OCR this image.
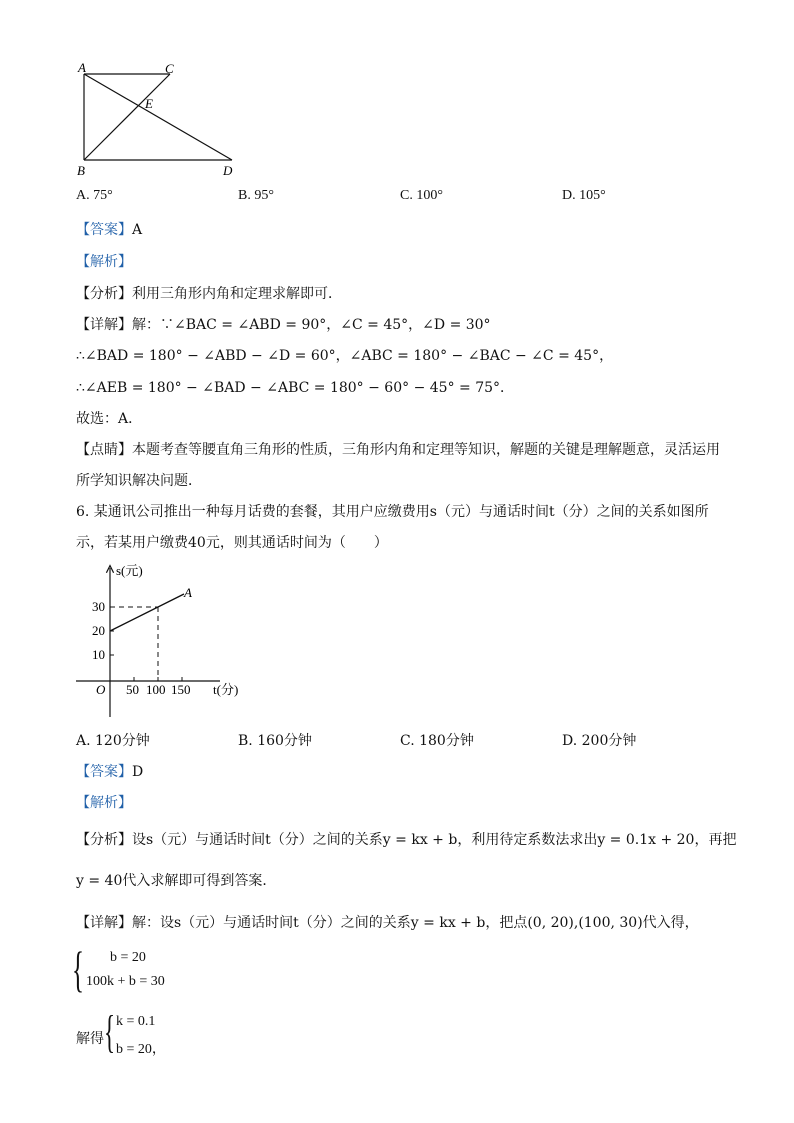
A	C
E
B	D
A. 75°	B. 95°	C. 100°	D. 105°
【答案】A
【解析】
【分析】利用三角形内角和定理求解即可．
【详解】解：∵∠BAC = ∠ABD = 90°，∠C = 45°，∠D = 30°
∴∠BAD = 180° − ∠ABD − ∠D = 60°，∠ABC = 180° − ∠BAC − ∠C = 45°，
∴∠AEB = 180° − ∠BAD − ∠ABC = 180° − 60° − 45° = 75°．
故选：A．
【点睛】本题考查等腰直角三角形的性质，三角形内角和定理等知识，解题的关键是理解题意，灵活运用
所学知识解决问题．
6. 某通讯公司推出一种每月话费的套餐，其用户应缴费用s（元）与通话时间t（分）之间的关系如图所
示，若某用户缴费40元，则其通话时间为（　　）
s(元)
A
30
20
10
O 50 100 150 t(分)
A. 120分钟	B. 160分钟	C. 180分钟	D. 200分钟
【答案】D
【解析】
【分析】设s（元）与通话时间t（分）之间的关系y = kx + b，利用待定系数法求出y = 0.1x + 20，再把
y = 40代入求解即可得到答案．
【详解】解：设s（元）与通话时间t（分）之间的关系y = kx + b，把点(0, 20),(100, 30)代入得，
{ b = 20
100k + b = 30
解得 { k = 0.1
b = 20，
